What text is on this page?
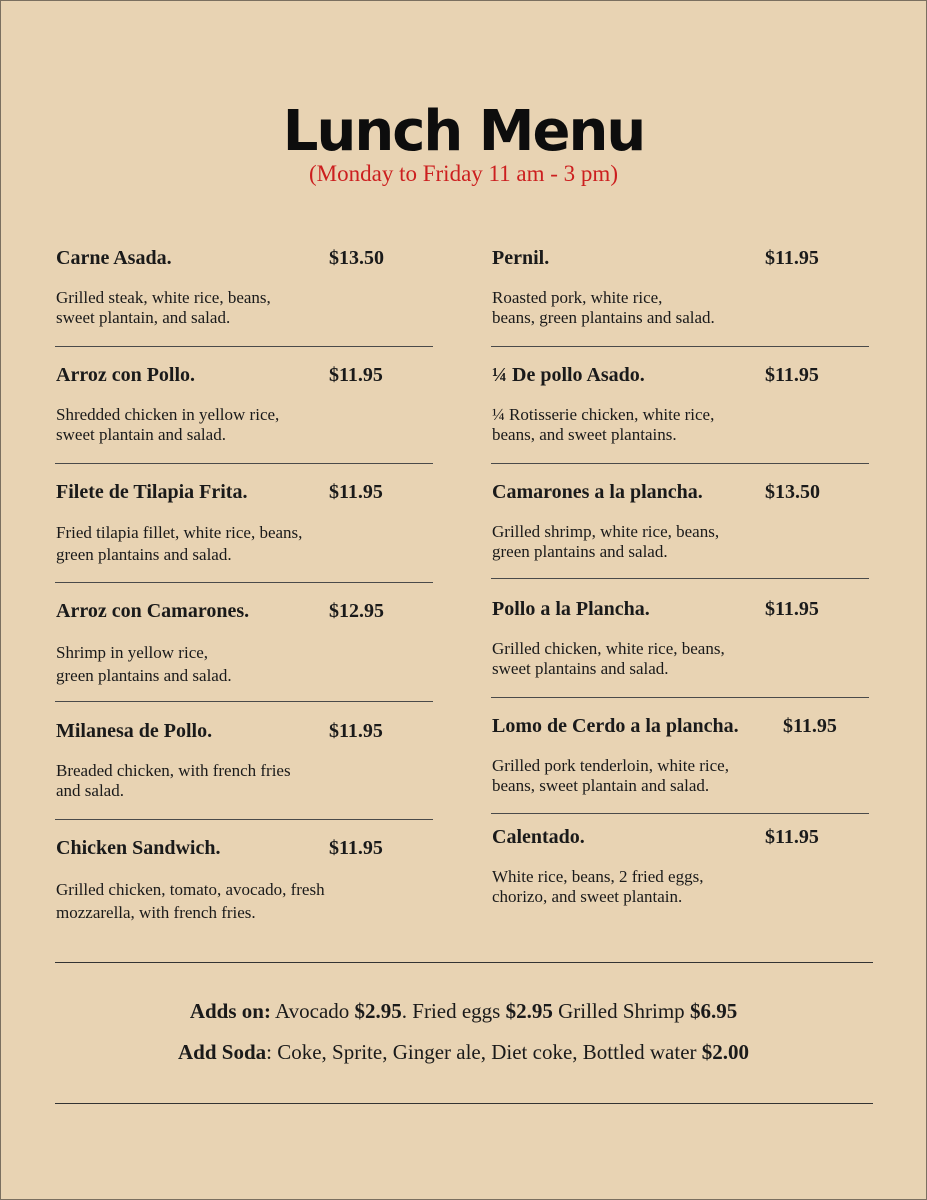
Lunch Menu
(Monday to Friday 11 am - 3 pm)
Carne Asada.	$13.50
Grilled steak, white rice, beans,
sweet plantain, and salad.
Arroz con Pollo.	$11.95
Shredded chicken in yellow rice,
sweet plantain and salad.
Filete de Tilapia Frita.	$11.95
Fried tilapia fillet, white rice, beans,
green plantains and salad.
Arroz con Camarones.	$12.95
Shrimp in yellow rice,
green plantains and salad.
Milanesa de Pollo.	$11.95
Breaded chicken, with french fries
and salad.
Chicken Sandwich.	$11.95
Grilled chicken, tomato, avocado, fresh
mozzarella, with french fries.
Pernil.	$11.95
Roasted pork, white rice,
beans, green plantains and salad.
¼ De pollo Asado.	$11.95
¼ Rotisserie chicken, white rice,
beans, and sweet plantains.
Camarones a la plancha.	$13.50
Grilled shrimp, white rice, beans,
green plantains and salad.
Pollo a la Plancha.	$11.95
Grilled chicken, white rice, beans,
sweet plantains and salad.
Lomo de Cerdo a la plancha. $11.95
Grilled pork tenderloin, white rice,
beans, sweet plantain and salad.
Calentado.	$11.95
White rice, beans, 2 fried eggs,
chorizo, and sweet plantain.
Adds on: Avocado $2.95. Fried eggs $2.95 Grilled Shrimp $6.95
Add Soda: Coke, Sprite, Ginger ale, Diet coke, Bottled water $2.00
